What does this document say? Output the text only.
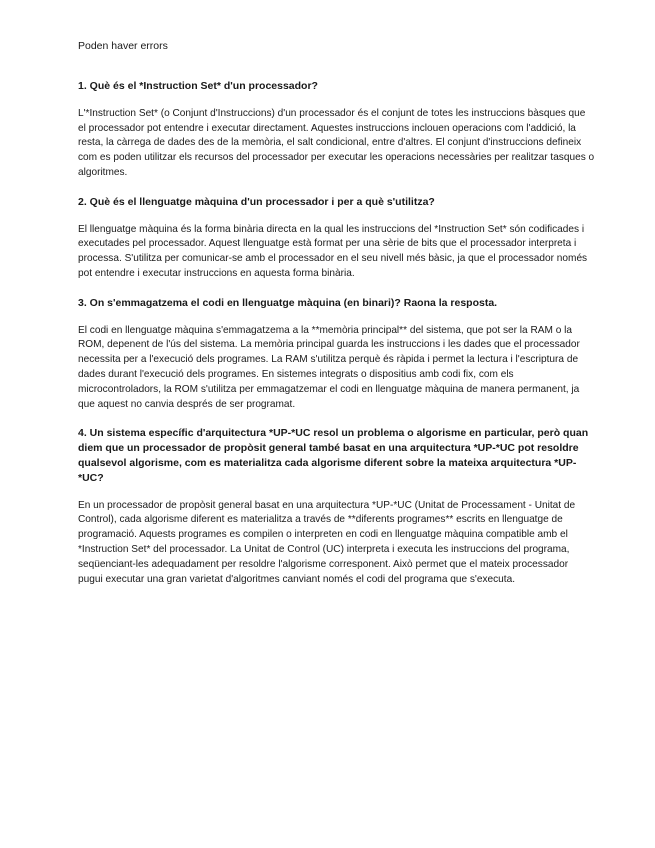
Poden haver errors

1. Què és el *Instruction Set* d'un processador?

L'*Instruction Set* (o Conjunt d'Instruccions) d'un processador és el conjunt de totes les instruccions bàsques que el processador pot entendre i executar directament. Aquestes instruccions inclouen operacions com l'addició, la resta, la càrrega de dades des de la memòria, el salt condicional, entre d'altres. El conjunt d'instruccions defineix com es poden utilitzar els recursos del processador per executar les operacions necessàries per realitzar tasques o algoritmes.

2. Què és el llenguatge màquina d'un processador i per a què s'utilitza?

El llenguatge màquina és la forma binària directa en la qual les instruccions del *Instruction Set* són codificades i executades pel processador. Aquest llenguatge està format per una sèrie de bits que el processador interpreta i processa. S'utilitza per comunicar-se amb el processador en el seu nivell més bàsic, ja que el processador només pot entendre i executar instruccions en aquesta forma binària.

3. On s'emmagatzema el codi en llenguatge màquina (en binari)? Raona la resposta.

El codi en llenguatge màquina s'emmagatzema a la **memòria principal** del sistema, que pot ser la RAM o la ROM, depenent de l'ús del sistema. La memòria principal guarda les instruccions i les dades que el processador necessita per a l'execució dels programes. La RAM s'utilitza perquè és ràpida i permet la lectura i l'escriptura de dades durant l'execució dels programes. En sistemes integrats o dispositius amb codi fix, com els microcontroladors, la ROM s'utilitza per emmagatzemar el codi en llenguatge màquina de manera permanent, ja que aquest no canvia després de ser programat.

4. Un sistema específic d'arquitectura *UP-*UC resol un problema o algorisme en particular, però quan diem que un processador de propòsit general també basat en una arquitectura *UP-*UC pot resoldre qualsevol algorisme, com es materialitza cada algorisme diferent sobre la mateixa arquitectura *UP-*UC?

En un processador de propòsit general basat en una arquitectura *UP-*UC (Unitat de Processament - Unitat de Control), cada algorisme diferent es materialitza a través de **diferents programes** escrits en llenguatge de programació. Aquests programes es compilen o interpreten en codi en llenguatge màquina compatible amb el *Instruction Set* del processador. La Unitat de Control (UC) interpreta i executa les instruccions del programa, seqüenciant-les adequadament per resoldre l'algorisme corresponent. Això permet que el mateix processador pugui executar una gran varietat d'algoritmes canviant només el codi del programa que s'executa.
